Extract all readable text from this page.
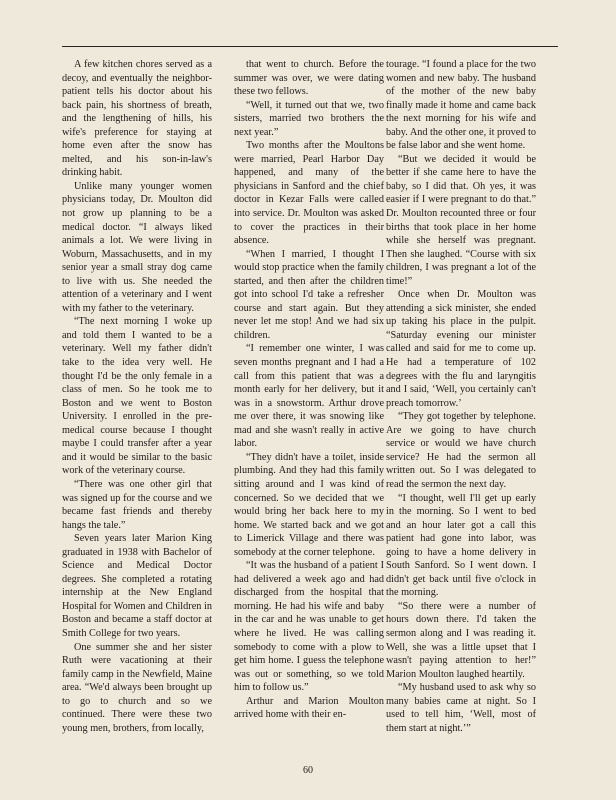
A few kitchen chores served as a decoy, and eventually the neighbor-patient tells his doctor about his back pain, his shortness of breath, and the lengthening of hills, his wife's preference for staying at home even after the snow has melted, and his son-in-law's drinking habit.

Unlike many younger women physicians today, Dr. Moulton did not grow up planning to be a medical doctor. “I always liked animals a lot. We were living in Woburn, Massachusetts, and in my senior year a small stray dog came to live with us. She needed the attention of a veterinary and I went with my father to the veterinary.

“The next morning I woke up and told them I wanted to be a veterinary. Well my father didn't take to the idea very well. He thought I'd be the only female in a class of men. So he took me to Boston and we went to Boston University. I enrolled in the pre-medical course because I thought maybe I could transfer after a year and it would be similar to the basic work of the veterinary course.

“There was one other girl that was signed up for the course and we became fast friends and thereby hangs the tale.”

Seven years later Marion King graduated in 1938 with Bachelor of Science and Medical Doctor degrees. She completed a rotating internship at the New England Hospital for Women and Children in Boston and became a staff doctor at Smith College for two years.

One summer she and her sister Ruth were vacationing at their family camp in the Newfield, Maine area. “We'd always been brought up to go to church and so we continued. There were these two young men, brothers, from locally,

that went to church. Before the summer was over, we were dating these two fellows.

“Well, it turned out that we, two sisters, married two brothers the next year.”

Two months after the Moultons were married, Pearl Harbor Day happened, and many of the physicians in Sanford and the chief doctor in Kezar Falls were called into service. Dr. Moulton was asked to cover the practices in their absence.

“When I married, I thought I would stop practice when the family started, and then after the children got into school I'd take a refresher course and start again. But they never let me stop! And we had six children.

“I remember one winter, I was seven months pregnant and I had a call from this patient that was a month early for her delivery, but it was in a snowstorm. Arthur drove me over there, it was snowing like mad and she wasn't really in active labor.

“They didn't have a toilet, inside plumbing. And they had this family sitting around and I was kind of concerned. So we decided that we would bring her back here to my home. We started back and we got to Limerick Village and there was somebody at the corner telephone.

“It was the husband of a patient I had delivered a week ago and had discharged from the hospital that morning. He had his wife and baby in the car and he was unable to get where he lived. He was calling somebody to come with a plow to get him home. I guess the telephone was out or something, so we told him to follow us.”

Arthur and Marion Moulton arrived home with their en-

tourage. “I found a place for the two women and new baby. The husband of the mother of the new baby finally made it home and came back the next morning for his wife and baby. And the other one, it proved to be false labor and she went home.

“But we decided it would be better if she came here to have the baby, so I did that. Oh yes, it was easier if I were pregnant to do that.” Dr. Moulton recounted three or four births that took place in her home while she herself was pregnant. Then she laughed. “Course with six children, I was pregnant a lot of the time!”

Once when Dr. Moulton was attending a sick minister, she ended up taking his place in the pulpit. “Saturday evening our minister called and said for me to come up. He had a temperature of 102 degrees with the flu and laryngitis and I said, ‘Well, you certainly can't preach tomorrow.’

“They got together by telephone. Are we going to have church service or would we have church service? He had the sermon all written out. So I was delegated to read the sermon the next day.

“I thought, well I'll get up early in the morning. So I went to bed and an hour later got a call this patient had gone into labor, was going to have a home delivery in South Sanford. So I went down. I didn't get back until five o'clock in the morning.

“So there were a number of hours down there. I'd taken the sermon along and I was reading it. Well, she was a little upset that I wasn't paying attention to her!” Marion Moulton laughed heartily.

“My husband used to ask why so many babies came at night. So I used to tell him, ‘Well, most of them start at night.’”

60
